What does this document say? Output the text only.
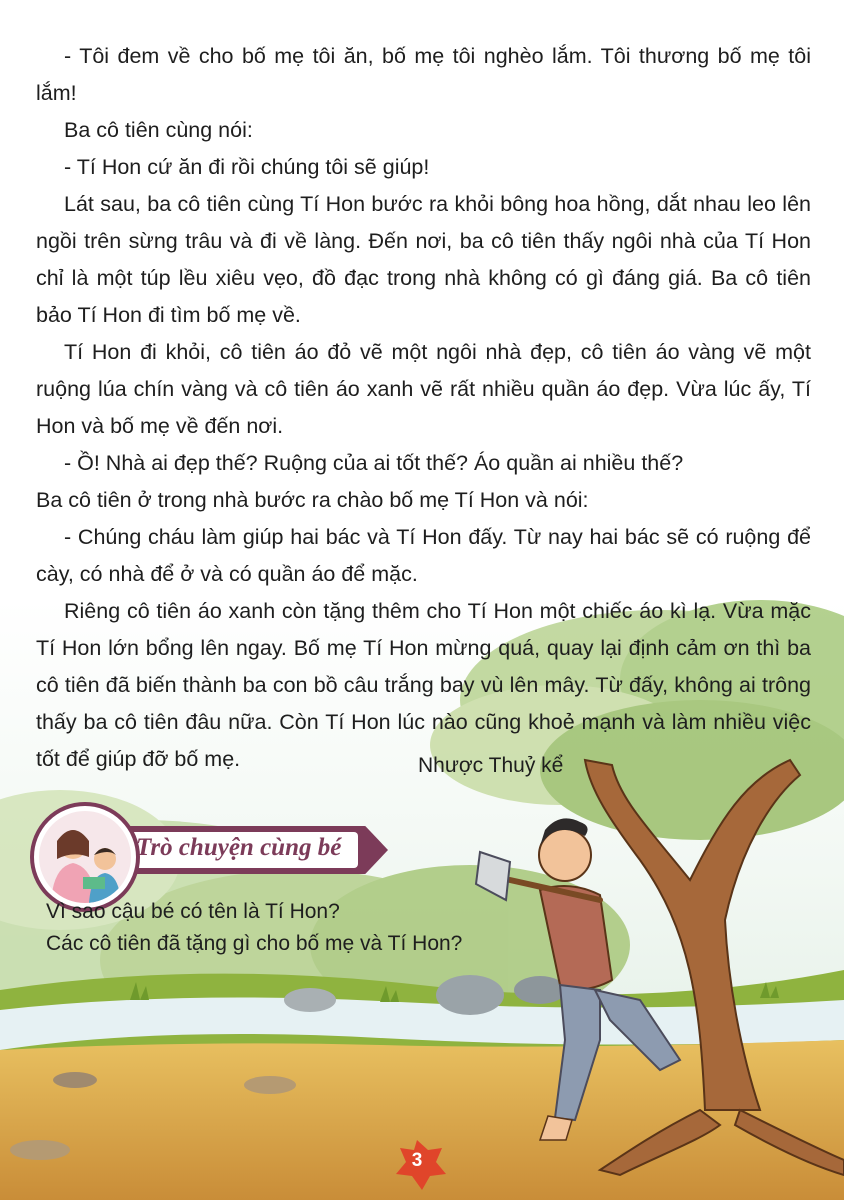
- Tôi đem về cho bố mẹ tôi ăn, bố mẹ tôi nghèo lắm. Tôi thương bố mẹ tôi lắm!

Ba cô tiên cùng nói:

- Tí Hon cứ ăn đi rồi chúng tôi sẽ giúp!

Lát sau, ba cô tiên cùng Tí Hon bước ra khỏi bông hoa hồng, dắt nhau leo lên ngồi trên sừng trâu và đi về làng. Đến nơi, ba cô tiên thấy ngôi nhà của Tí Hon chỉ là một túp lều xiêu vẹo, đồ đạc trong nhà không có gì đáng giá. Ba cô tiên bảo Tí Hon đi tìm bố mẹ về.

Tí Hon đi khỏi, cô tiên áo đỏ vẽ một ngôi nhà đẹp, cô tiên áo vàng vẽ một ruộng lúa chín vàng và cô tiên áo xanh vẽ rất nhiều quần áo đẹp. Vừa lúc ấy, Tí Hon và bố mẹ về đến nơi.

- Ồ! Nhà ai đẹp thế? Ruộng của ai tốt thế? Áo quần ai nhiều thế?

Ba cô tiên ở trong nhà bước ra chào bố mẹ Tí Hon và nói:

- Chúng cháu làm giúp hai bác và Tí Hon đấy. Từ nay hai bác sẽ có ruộng để cày, có nhà để ở và có quần áo để mặc.

Riêng cô tiên áo xanh còn tặng thêm cho Tí Hon một chiếc áo kì lạ. Vừa mặc Tí Hon lớn bổng lên ngay. Bố mẹ Tí Hon mừng quá, quay lại định cảm ơn thì ba cô tiên đã biến thành ba con bồ câu trắng bay vù lên mây. Từ đấy, không ai trông thấy ba cô tiên đâu nữa. Còn Tí Hon lúc nào cũng khoẻ mạnh và làm nhiều việc tốt để giúp đỡ bố mẹ.	Nhược Thuỷ kể
Trò chuyện cùng bé
Vì sao cậu bé có tên là Tí Hon?
Các cô tiên đã tặng gì cho bố mẹ và Tí Hon?
3
